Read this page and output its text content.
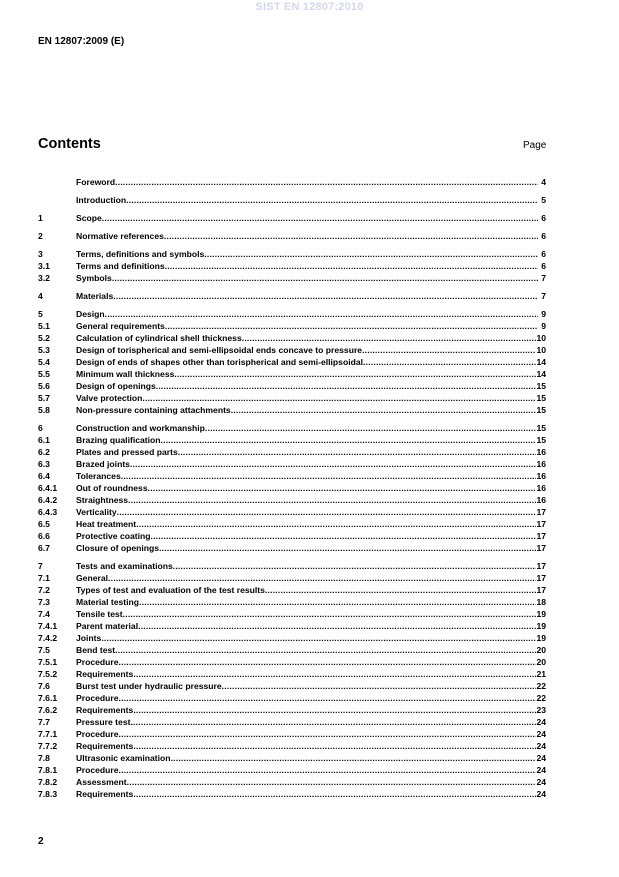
SIST EN 12807:2010
EN 12807:2009 (E)
Contents	Page
Foreword .....	4
Introduction .....	5
1	Scope .....	6
2	Normative references .....	6
3	Terms, definitions and symbols .....	6
3.1	Terms and definitions .....	6
3.2	Symbols .....	7
4	Materials .....	7
5	Design .....	9
5.1	General requirements .....	9
5.2	Calculation of cylindrical shell thickness .....	10
5.3	Design of torispherical and semi-ellipsoidal ends concave to pressure .....	10
5.4	Design of ends of shapes other than torispherical and semi-ellipsoidal .....	14
5.5	Minimum wall thickness .....	14
5.6	Design of openings .....	15
5.7	Valve protection .....	15
5.8	Non-pressure containing attachments .....	15
6	Construction and workmanship .....	15
6.1	Brazing qualification .....	15
6.2	Plates and pressed parts .....	16
6.3	Brazed joints .....	16
6.4	Tolerances .....	16
6.4.1	Out of roundness .....	16
6.4.2	Straightness .....	16
6.4.3	Verticality .....	17
6.5	Heat treatment .....	17
6.6	Protective coating .....	17
6.7	Closure of openings .....	17
7	Tests and examinations .....	17
7.1	General .....	17
7.2	Types of test and evaluation of the test results .....	17
7.3	Material testing .....	18
7.4	Tensile test .....	19
7.4.1	Parent material .....	19
7.4.2	Joints .....	19
7.5	Bend test .....	20
7.5.1	Procedure .....	20
7.5.2	Requirements .....	21
7.6	Burst test under hydraulic pressure .....	22
7.6.1	Procedure .....	22
7.6.2	Requirements .....	23
7.7	Pressure test .....	24
7.7.1	Procedure .....	24
7.7.2	Requirements .....	24
7.8	Ultrasonic examination .....	24
7.8.1	Procedure .....	24
7.8.2	Assessment .....	24
7.8.3	Requirements .....	24
2
